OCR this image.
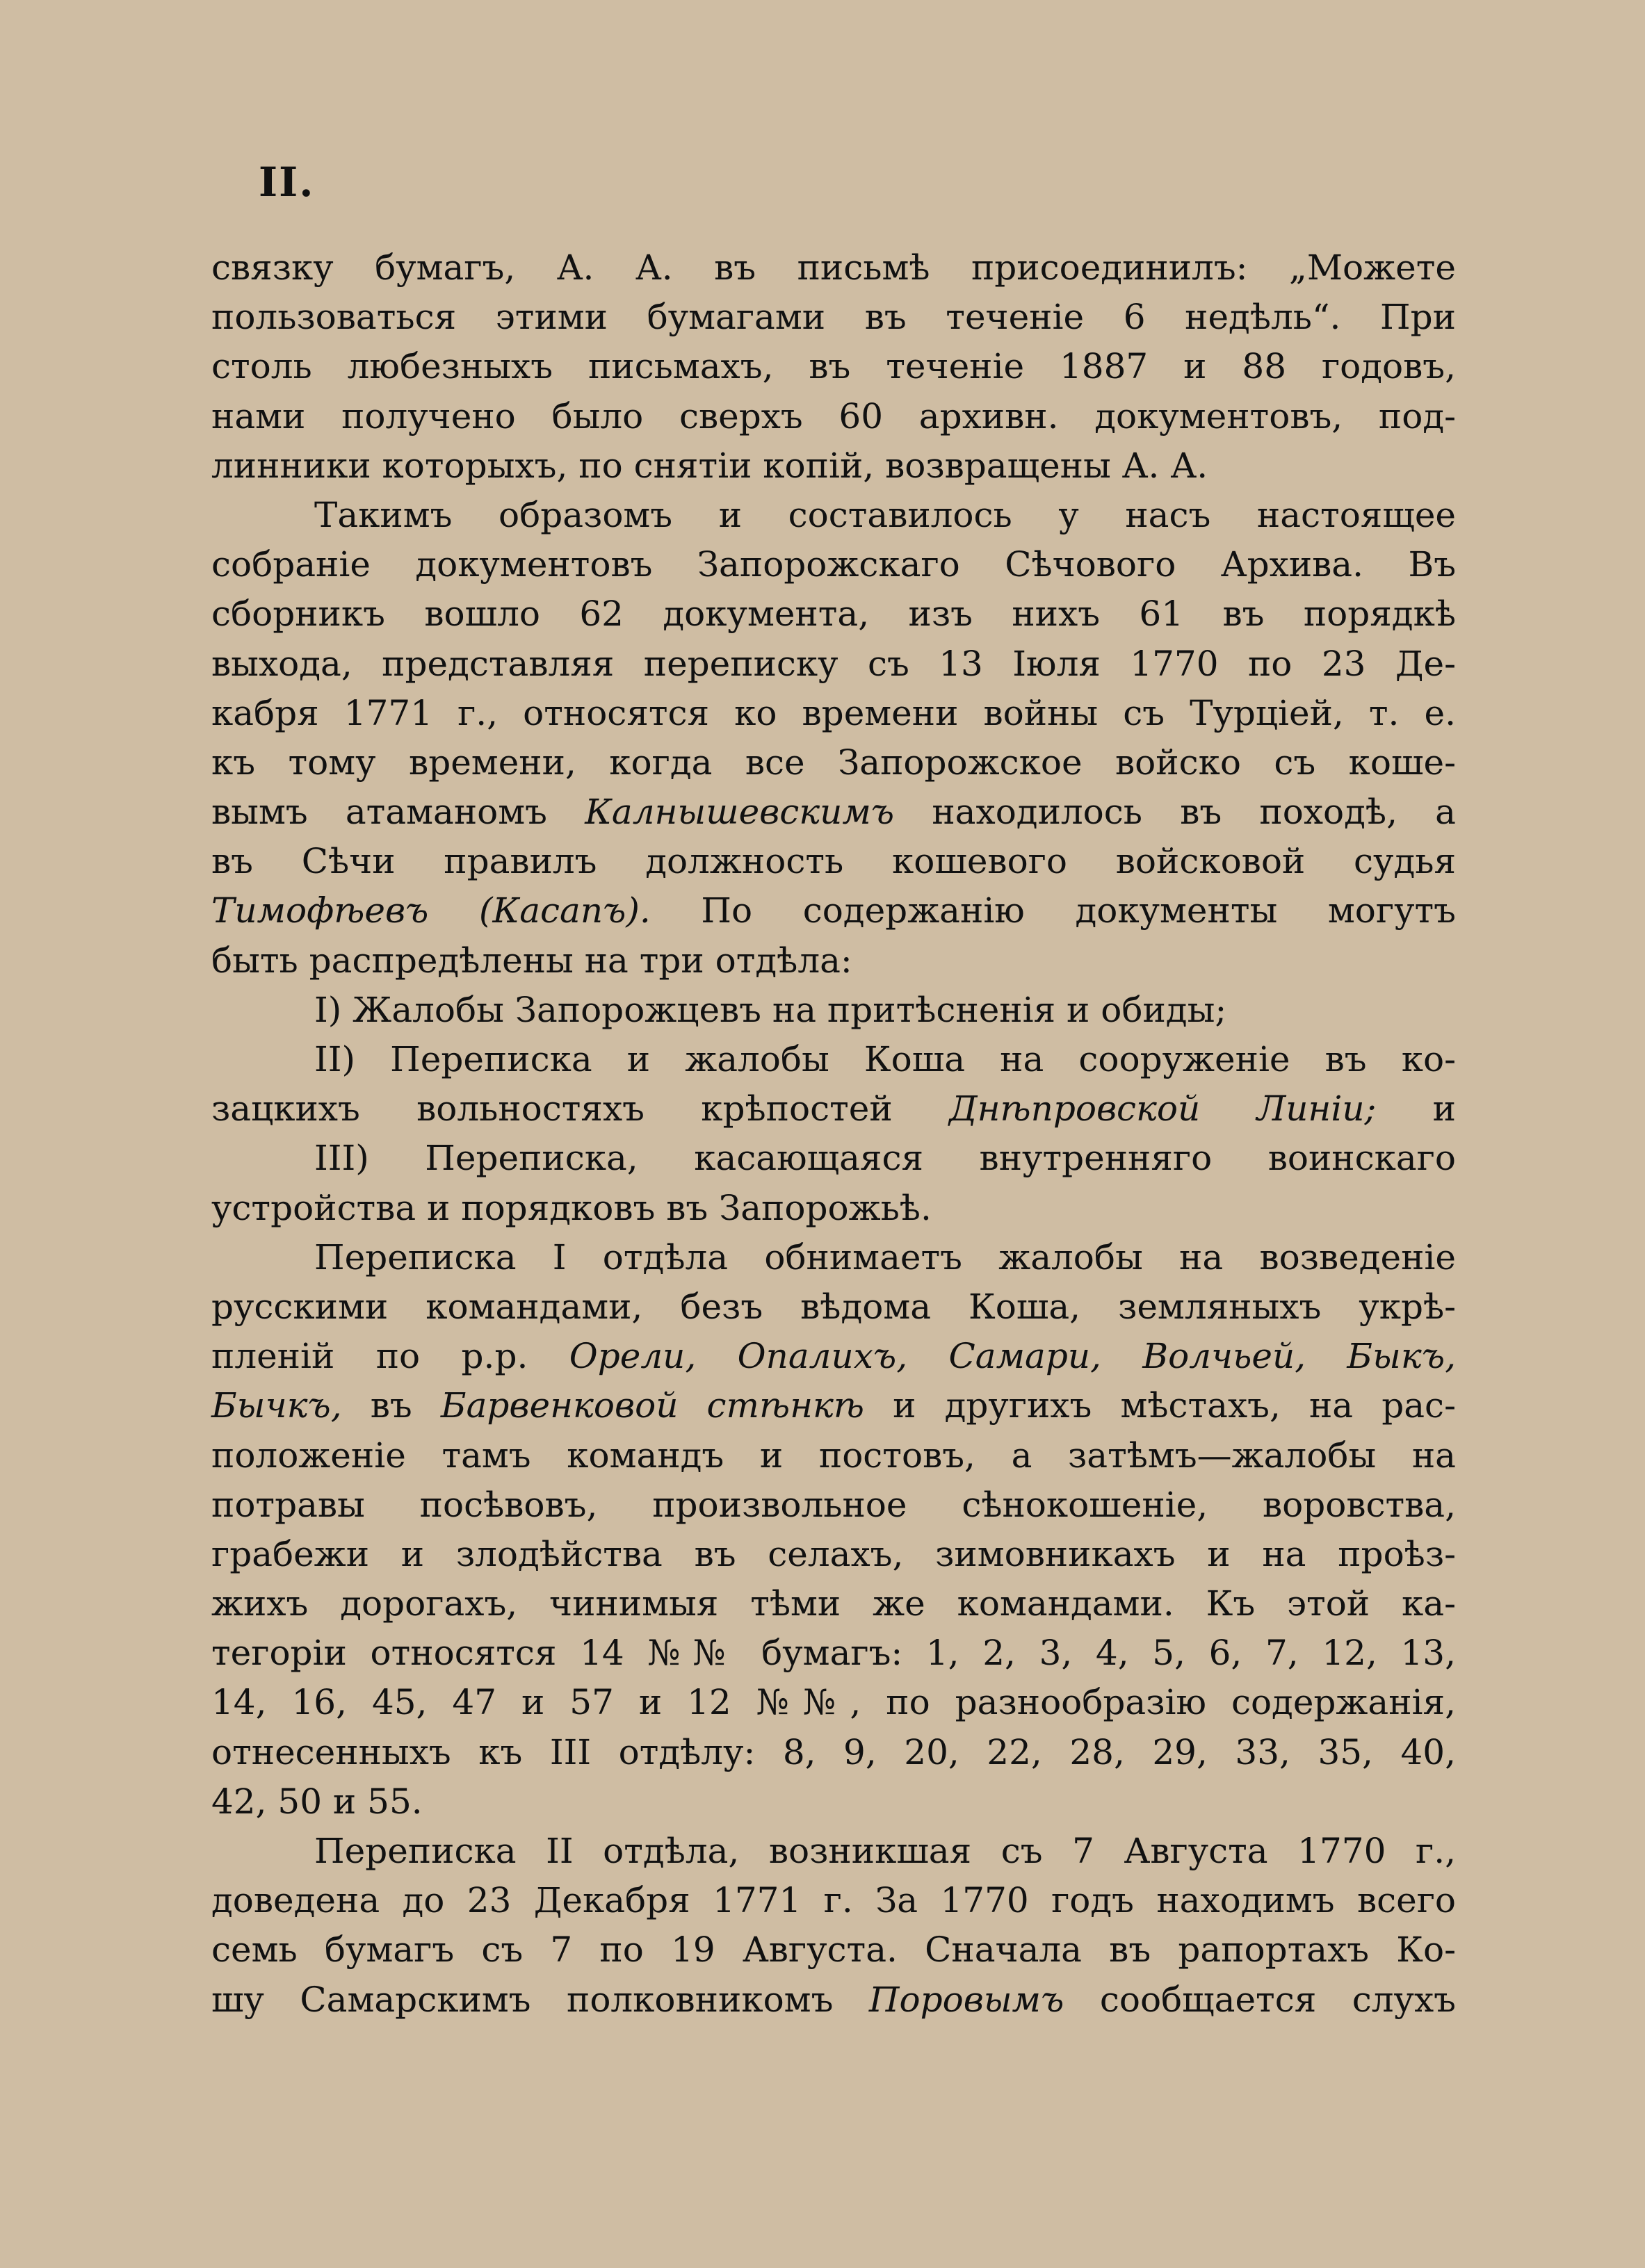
II.
связку бумагъ, А. А. въ письмѣ присоединилъ: „Можете
пользоваться этими бумагами въ теченіе 6 недѣль“. При
столь любезныхъ письмахъ, въ теченіе 1887 и 88 годовъ,
нами получено было сверхъ 60 архивн. документовъ, под-
линники которыхъ, по снятіи копій, возвращены А. А.
Такимъ образомъ и составилось у насъ настоящее
собраніе документовъ Запорожскаго Сѣчового Архива. Въ
сборникъ вошло 62 документа, изъ нихъ 61 въ порядкѣ
выхода, представляя переписку съ 13 Іюля 1770 по 23 Де-
кабря 1771 г., относятся ко времени войны съ Турціей, т. е.
къ тому времени, когда все Запорожское войско съ коше-
вымъ атаманомъ Калнышевскимъ находилось въ походѣ, а
въ Сѣчи правилъ должность кошевого войсковой судья
Тимофѣевъ (Касапъ). По содержанію документы могутъ
быть распредѣлены на три отдѣла:
I) Жалобы Запорожцевъ на притѣсненія и обиды;
II) Переписка и жалобы Коша на сооруженіе въ ко-
зацкихъ вольностяхъ крѣпостей Днѣпровской Линіи; и
III) Переписка, касающаяся внутренняго воинскаго
устройства и порядковъ въ Запорожьѣ.
Переписка I отдѣла обнимаетъ жалобы на возведеніе
русскими командами, безъ вѣдома Коша, земляныхъ укрѣ-
пленій по р.р. Орели, Опалихъ, Самари, Волчьей, Быкъ,
Бычкъ, въ Барвенковой стѣнкѣ и другихъ мѣстахъ, на рас-
положеніе тамъ командъ и постовъ, а затѣмъ—жалобы на
потравы посѣвовъ, произвольное сѣнокошеніе, воровства,
грабежи и злодѣйства въ селахъ, зимовникахъ и на проѣз-
жихъ дорогахъ, чинимыя тѣми же командами. Къ этой ка-
тегоріи относятся 14 №№ бумагъ: 1, 2, 3, 4, 5, 6, 7, 12, 13,
14, 16, 45, 47 и 57 и 12 №№, по разнообразію содержанія,
отнесенныхъ къ III отдѣлу: 8, 9, 20, 22, 28, 29, 33, 35, 40,
42, 50 и 55.
Переписка II отдѣла, возникшая съ 7 Августа 1770 г.,
доведена до 23 Декабря 1771 г. За 1770 годъ находимъ всего
семь бумагъ съ 7 по 19 Августа. Сначала въ рапортахъ Ко-
шу Самарскимъ полковникомъ Поровымъ сообщается слухъ
